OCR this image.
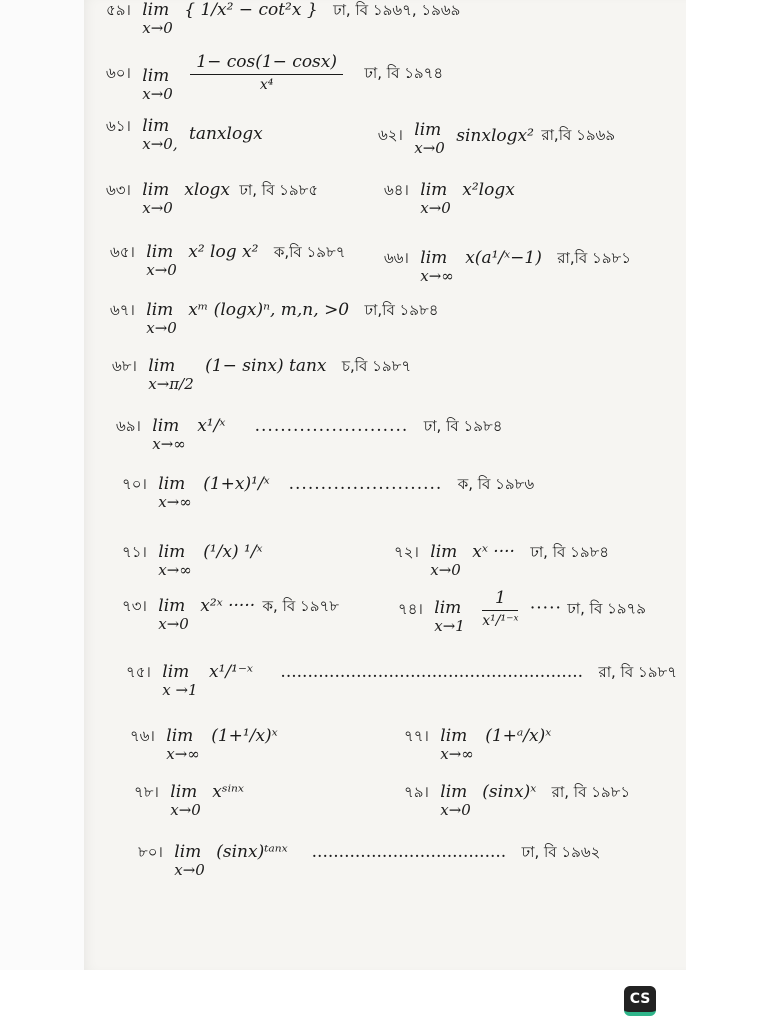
৫৯। lim
x→0
{ 1/x² − cot²x } ঢা, বি ১৯৬৭, ১৯৬৯
৬০। lim
x→0

$\frac{1- \cos(1- \cos x)}{\text{x⁴}}$ ঢা, বি ১৯৭৪
৬১। lim
x→0, tanxlogx	৬২। lim
x→0
sinxlogx² রা,বি ১৯৬৯
৬৩। lim
x→0
xlogx ঢা, বি ১৯৮৫	৬৪। lim
x→0
x²logx
৬৫। lim
x→0
x² log x² ক,বি ১৯৮৭	৬৬। lim
x→∞
x(a¹/ˣ−1) রা,বি ১৯৮১
৬৭। lim
x→0
xᵐ (logx)ⁿ, m,n, >0 ঢা,বি ১৯৮৪
৬৮। lim
x→π/2
(1− sinx) tanx চ,বি ১৯৮৭
৬৯। lim
x→∞
x¹/ˣ ........................ ঢা, বি ১৯৮৪
৭০। lim
x→∞
(1+x)¹/ˣ ........................ ক, বি ১৯৮৬
৭১। lim
x→∞
(¹/x) ¹/ˣ	৭২। lim
x→0
xˣ ···· ঢা, বি ১৯৮৪
৭৩। lim
x→0
x²ˣ ····· ক, বি ১৯৭৮	৭৪। lim
x→1
$\frac{1}{\text{x¹/¹⁻ˣ}}$ ····· ঢা, বি ১৯৭৯
৭৫। lim
x →1
x¹/¹⁻ˣ ........................................................ রা, বি ১৯৮৭
৭৬। lim
x→∞
(1+¹/x)ˣ	৭৭। lim
x→∞
(1+ᵃ/x)ˣ
৭৮। lim
x→0
xˢⁱⁿˣ	৭৯। lim
x→0
(sinx)ˣ রা, বি ১৯৮১
৮০। lim
x→0
(sinx)ᵗᵃⁿˣ .................................... ঢা, বি ১৯৬২
CS
